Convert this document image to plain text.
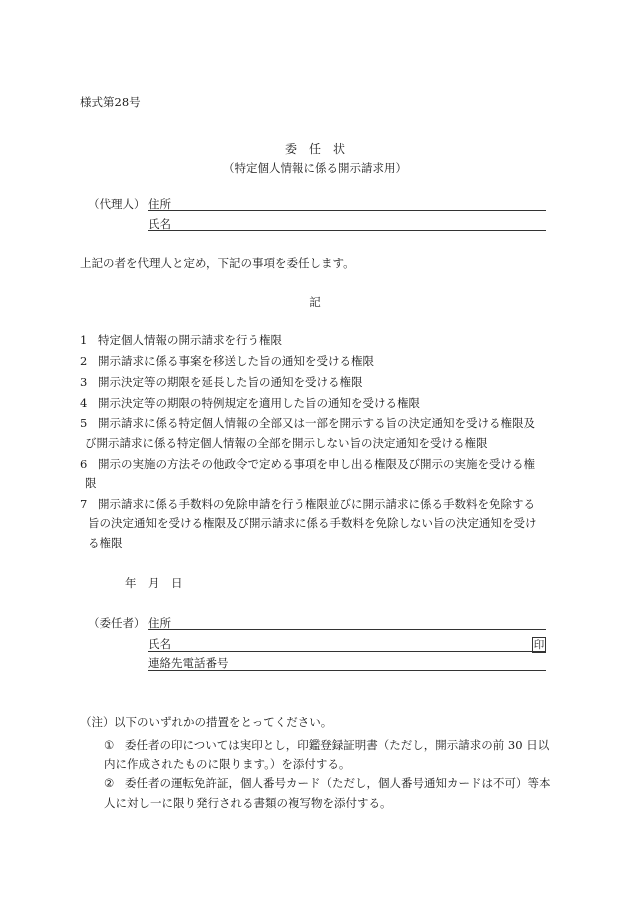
様式第28号
委　任　状
（特定個人情報に係る開示請求用）
（代理人） 住所
氏名
上記の者を代理人と定め，下記の事項を委任します。
記
1 特定個人情報の開示請求を行う権限
2 開示請求に係る事案を移送した旨の通知を受ける権限
3 開示決定等の期限を延長した旨の通知を受ける権限
4 開示決定等の期限の特例規定を適用した旨の通知を受ける権限
5 開示請求に係る特定個人情報の全部又は一部を開示する旨の決定通知を受ける権限及
び開示請求に係る特定個人情報の全部を開示しない旨の決定通知を受ける権限
6 開示の実施の方法その他政令で定める事項を申し出る権限及び開示の実施を受ける権
限
7 開示請求に係る手数料の免除申請を行う権限並びに開示請求に係る手数料を免除する
旨の決定通知を受ける権限及び開示請求に係る手数料を免除しない旨の決定通知を受け
る権限
年　月　日
（委任者） 住所
氏名	印
連絡先電話番号
（注） 以下のいずれかの措置をとってください。
① 委任者の印については実印とし，印鑑登録証明書（ただし，開示請求の前 30 日以
内に作成されたものに限ります。）を添付する。
② 委任者の運転免許証，個人番号カード（ただし，個人番号通知カードは不可）等本
人に対し一に限り発行される書類の複写物を添付する。
